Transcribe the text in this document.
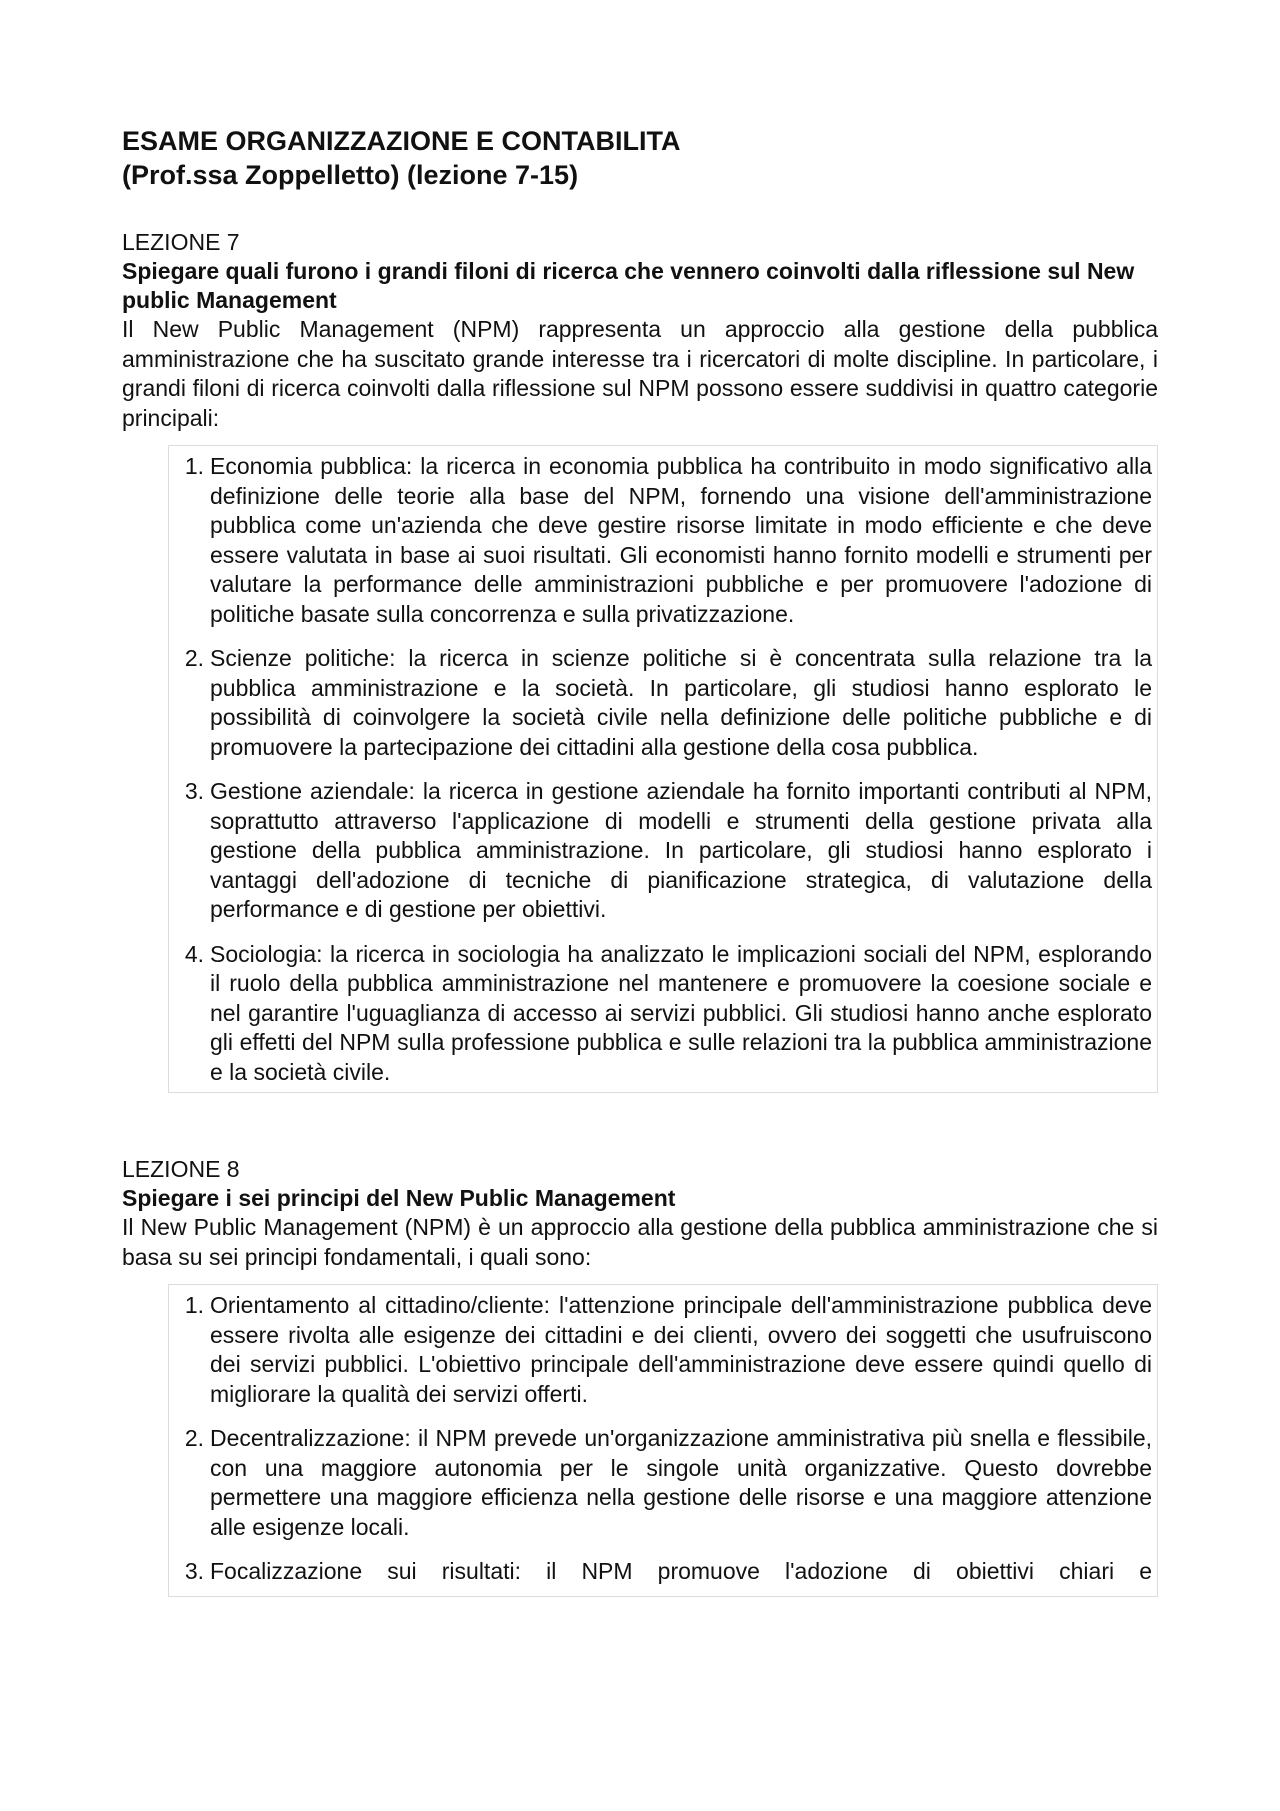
ESAME ORGANIZZAZIONE E CONTABILITA
(Prof.ssa Zoppelletto) (lezione 7-15)

LEZIONE 7

Spiegare quali furono i grandi filoni di ricerca che vennero coinvolti dalla riflessione sul New public Management

Il New Public Management (NPM) rappresenta un approccio alla gestione della pubblica amministrazione che ha suscitato grande interesse tra i ricercatori di molte discipline. In particolare, i grandi filoni di ricerca coinvolti dalla riflessione sul NPM possono essere suddivisi in quattro categorie principali:

1. Economia pubblica: la ricerca in economia pubblica ha contribuito in modo significativo alla definizione delle teorie alla base del NPM, fornendo una visione dell'amministrazione pubblica come un'azienda che deve gestire risorse limitate in modo efficiente e che deve essere valutata in base ai suoi risultati. Gli economisti hanno fornito modelli e strumenti per valutare la performance delle amministrazioni pubbliche e per promuovere l'adozione di politiche basate sulla concorrenza e sulla privatizzazione.
2. Scienze politiche: la ricerca in scienze politiche si è concentrata sulla relazione tra la pubblica amministrazione e la società. In particolare, gli studiosi hanno esplorato le possibilità di coinvolgere la società civile nella definizione delle politiche pubbliche e di promuovere la partecipazione dei cittadini alla gestione della cosa pubblica.
3. Gestione aziendale: la ricerca in gestione aziendale ha fornito importanti contributi al NPM, soprattutto attraverso l'applicazione di modelli e strumenti della gestione privata alla gestione della pubblica amministrazione. In particolare, gli studiosi hanno esplorato i vantaggi dell'adozione di tecniche di pianificazione strategica, di valutazione della performance e di gestione per obiettivi.
4. Sociologia: la ricerca in sociologia ha analizzato le implicazioni sociali del NPM, esplorando il ruolo della pubblica amministrazione nel mantenere e promuovere la coesione sociale e nel garantire l'uguaglianza di accesso ai servizi pubblici. Gli studiosi hanno anche esplorato gli effetti del NPM sulla professione pubblica e sulle relazioni tra la pubblica amministrazione e la società civile.

LEZIONE 8

Spiegare i sei principi del New Public Management

Il New Public Management (NPM) è un approccio alla gestione della pubblica amministrazione che si basa su sei principi fondamentali, i quali sono:

1. Orientamento al cittadino/cliente: l'attenzione principale dell'amministrazione pubblica deve essere rivolta alle esigenze dei cittadini e dei clienti, ovvero dei soggetti che usufruiscono dei servizi pubblici. L'obiettivo principale dell'amministrazione deve essere quindi quello di migliorare la qualità dei servizi offerti.
2. Decentralizzazione: il NPM prevede un'organizzazione amministrativa più snella e flessibile, con una maggiore autonomia per le singole unità organizzative. Questo dovrebbe permettere una maggiore efficienza nella gestione delle risorse e una maggiore attenzione alle esigenze locali.
3. Focalizzazione sui risultati: il NPM promuove l'adozione di obiettivi chiari e
